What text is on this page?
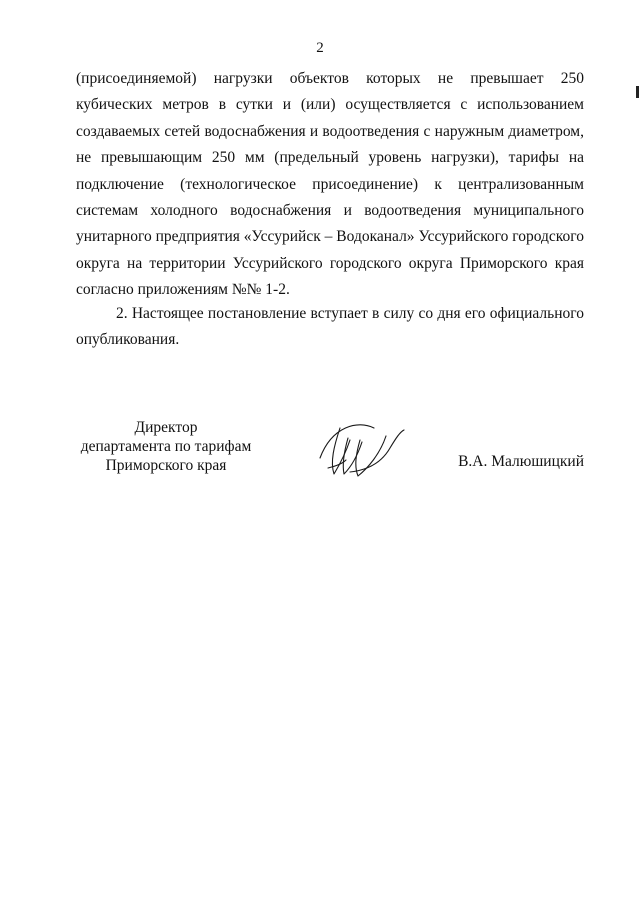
2

(присоединяемой) нагрузки объектов которых не превышает 250 кубических метров в сутки и (или) осуществляется с использованием создаваемых сетей водоснабжения и водоотведения с наружным диаметром, не превышающим 250 мм (предельный уровень нагрузки), тарифы на подключение (технологическое присоединение) к централизованным системам холодного водоснабжения и водоотведения муниципального унитарного предприятия «Уссурийск – Водоканал» Уссурийского городского округа на территории Уссурийского городского округа Приморского края согласно приложениям №№ 1-2.

2. Настоящее постановление вступает в силу со дня его официального опубликования.

Директор
департамента по тарифам
Приморского края	В.А. Малюшицкий
